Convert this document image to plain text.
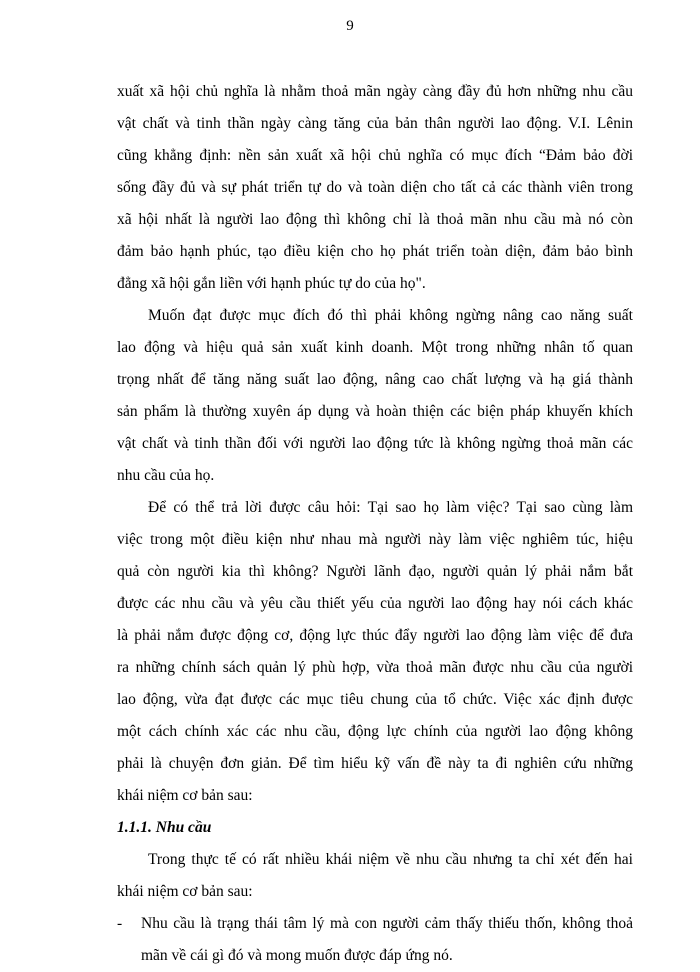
9
xuất xã hội chủ nghĩa là nhằm thoả mãn ngày càng đầy đủ hơn những nhu cầu
vật chất và tinh thần ngày càng tăng của bản thân người lao động. V.I. Lênin
cũng khẳng định: nền sản xuất xã hội chủ nghĩa có mục đích “Đảm bảo đời
sống đầy đủ và sự phát triển tự do và toàn diện cho tất cả các thành viên trong
xã hội nhất là người lao động thì không chỉ là thoả mãn nhu cầu mà nó còn
đảm bảo hạnh phúc, tạo điều kiện cho họ phát triển toàn diện, đảm bảo bình
đẳng xã hội gắn liền với hạnh phúc tự do của họ".
Muốn đạt được mục đích đó thì phải không ngừng nâng cao năng suất
lao động và hiệu quả sản xuất kinh doanh. Một trong những nhân tố quan
trọng nhất để tăng năng suất lao động, nâng cao chất lượng và hạ giá thành
sản phẩm là thường xuyên áp dụng và hoàn thiện các biện pháp khuyến khích
vật chất và tinh thần đối với người lao động tức là không ngừng thoả mãn các
nhu cầu của họ.
Để có thể trả lời được câu hỏi: Tại sao họ làm việc? Tại sao cùng làm
việc trong một điều kiện như nhau mà người này làm việc nghiêm túc, hiệu
quả còn người kia thì không? Người lãnh đạo, người quản lý phải nắm bắt
được các nhu cầu và yêu cầu thiết yếu của người lao động hay nói cách khác
là phải nắm được động cơ, động lực thúc đẩy người lao động làm việc để đưa
ra những chính sách quản lý phù hợp, vừa thoả mãn được nhu cầu của người
lao động, vừa đạt được các mục tiêu chung của tổ chức. Việc xác định được
một cách chính xác các nhu cầu, động lực chính của người lao động không
phải là chuyện đơn giản. Để tìm hiểu kỹ vấn đề này ta đi nghiên cứu những
khái niệm cơ bản sau:
1.1.1. Nhu cầu
Trong thực tế có rất nhiều khái niệm về nhu cầu nhưng ta chỉ xét đến hai
khái niệm cơ bản sau:
- Nhu cầu là trạng thái tâm lý mà con người cảm thấy thiếu thốn, không thoả
mãn về cái gì đó và mong muốn được đáp ứng nó.
